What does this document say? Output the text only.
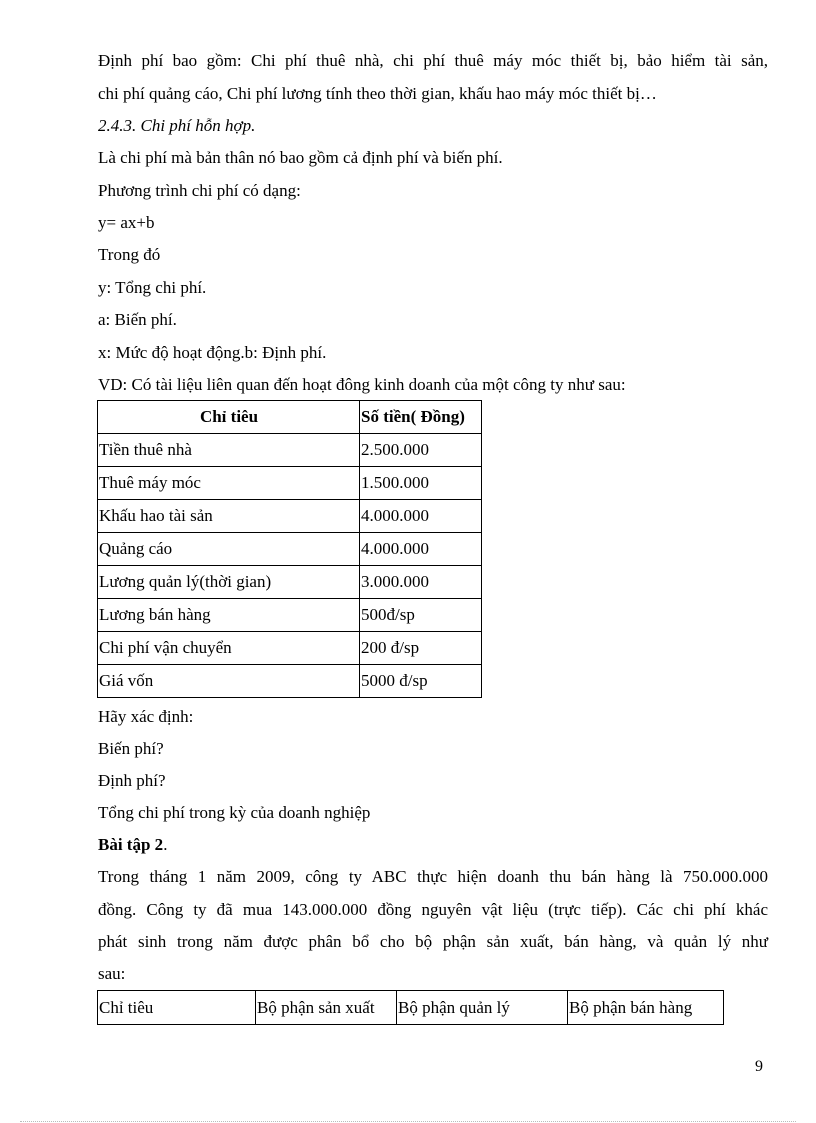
Định phí bao gồm: Chi phí thuê nhà, chi phí thuê máy móc thiết bị, bảo hiểm tài sản,
chi phí quảng cáo, Chi phí lương tính theo thời gian, khấu hao máy móc thiết bị…
2.4.3. Chi phí hỗn hợp.
Là chi phí mà bản thân nó bao gồm cả định phí và biến phí.
Phương trình chi phí có dạng:
y= ax+b
Trong đó
y: Tổng chi phí.
a: Biến phí.
x: Mức độ hoạt động.b: Định phí.
VD: Có tài liệu liên quan đến hoạt đông kinh doanh của một công ty như sau:
Chỉ tiêu	Số tiền( Đồng)
Tiền thuê nhà	2.500.000
Thuê máy móc	1.500.000
Khấu hao tài sản	4.000.000
Quảng cáo	4.000.000
Lương quản lý(thời gian)	3.000.000
Lương bán hàng	500đ/sp
Chi phí vận chuyển	200 đ/sp
Giá vốn	5000 đ/sp
Hãy xác định:
Biến phí?
Định phí?
Tổng chi phí trong kỳ của doanh nghiệp
Bài tập 2.
Trong tháng 1 năm 2009, công ty ABC thực hiện doanh thu bán hàng là 750.000.000
đồng. Công ty đã mua 143.000.000 đồng nguyên vật liệu (trực tiếp). Các chi phí khác
phát sinh trong năm được phân bổ cho bộ phận sản xuất, bán hàng, và quản lý như
sau:
Chỉ tiêu	Bộ phận sản xuất	Bộ phận quản lý	Bộ phận bán hàng
9
